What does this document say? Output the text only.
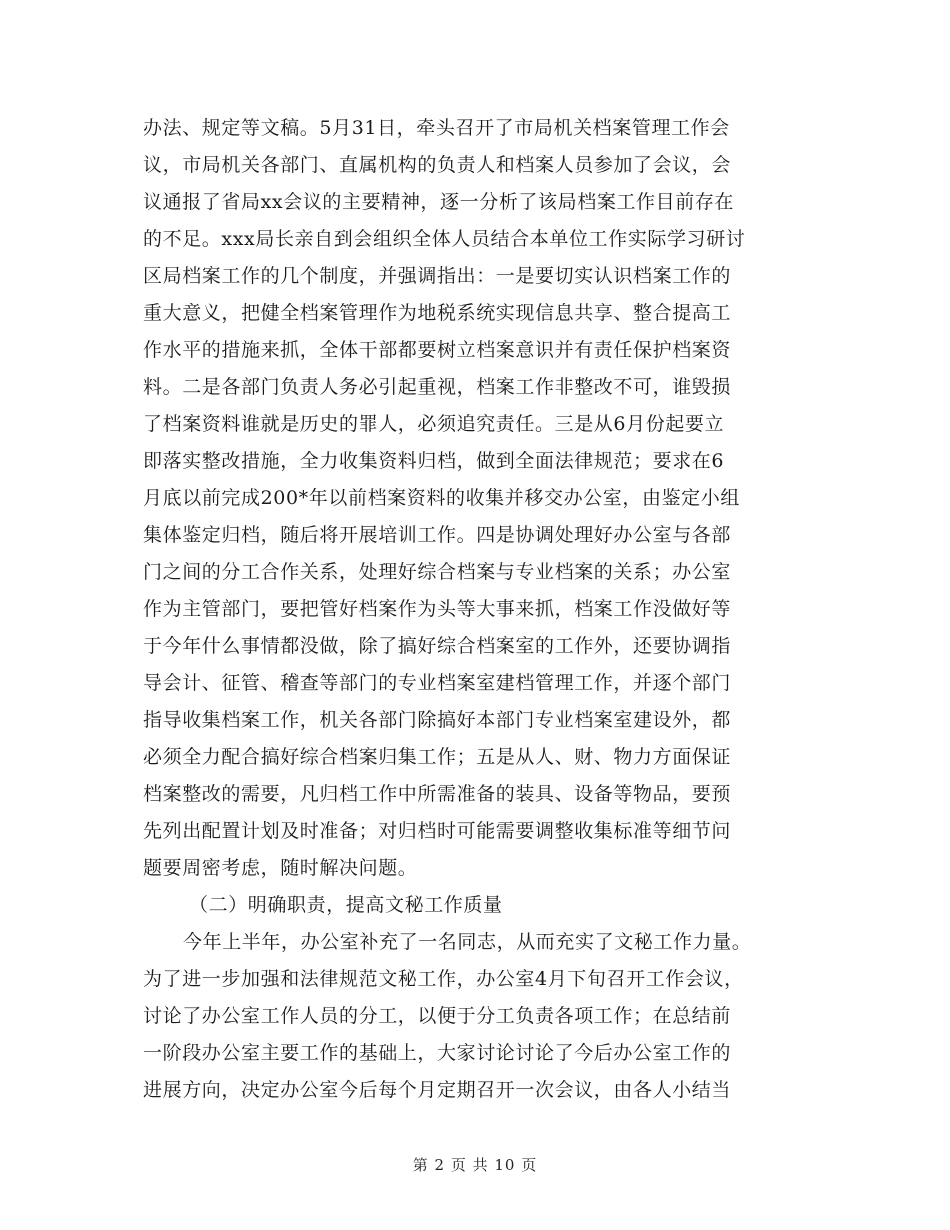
办法、规定等文稿。5月31日，牵头召开了市局机关档案管理工作会
议，市局机关各部门、直属机构的负责人和档案人员参加了会议，会
议通报了省局xx会议的主要精神，逐一分析了该局档案工作目前存在
的不足。xxx局长亲自到会组织全体人员结合本单位工作实际学习研讨
区局档案工作的几个制度，并强调指出：一是要切实认识档案工作的
重大意义，把健全档案管理作为地税系统实现信息共享、整合提高工
作水平的措施来抓，全体干部都要树立档案意识并有责任保护档案资
料。二是各部门负责人务必引起重视，档案工作非整改不可，谁毁损
了档案资料谁就是历史的罪人，必须追究责任。三是从6月份起要立
即落实整改措施，全力收集资料归档，做到全面法律规范；要求在6
月底以前完成200*年以前档案资料的收集并移交办公室，由鉴定小组
集体鉴定归档，随后将开展培训工作。四是协调处理好办公室与各部
门之间的分工合作关系，处理好综合档案与专业档案的关系；办公室
作为主管部门，要把管好档案作为头等大事来抓，档案工作没做好等
于今年什么事情都没做，除了搞好综合档案室的工作外，还要协调指
导会计、征管、稽查等部门的专业档案室建档管理工作，并逐个部门
指导收集档案工作，机关各部门除搞好本部门专业档案室建设外，都
必须全力配合搞好综合档案归集工作；五是从人、财、物力方面保证
档案整改的需要，凡归档工作中所需准备的装具、设备等物品，要预
先列出配置计划及时准备；对归档时可能需要调整收集标准等细节问
题要周密考虑，随时解决问题。
（二）明确职责，提高文秘工作质量
今年上半年，办公室补充了一名同志，从而充实了文秘工作力量。
为了进一步加强和法律规范文秘工作，办公室4月下旬召开工作会议，
讨论了办公室工作人员的分工，以便于分工负责各项工作；在总结前
一阶段办公室主要工作的基础上，大家讨论讨论了今后办公室工作的
进展方向，决定办公室今后每个月定期召开一次会议，由各人小结当
第 2 页 共 10 页
